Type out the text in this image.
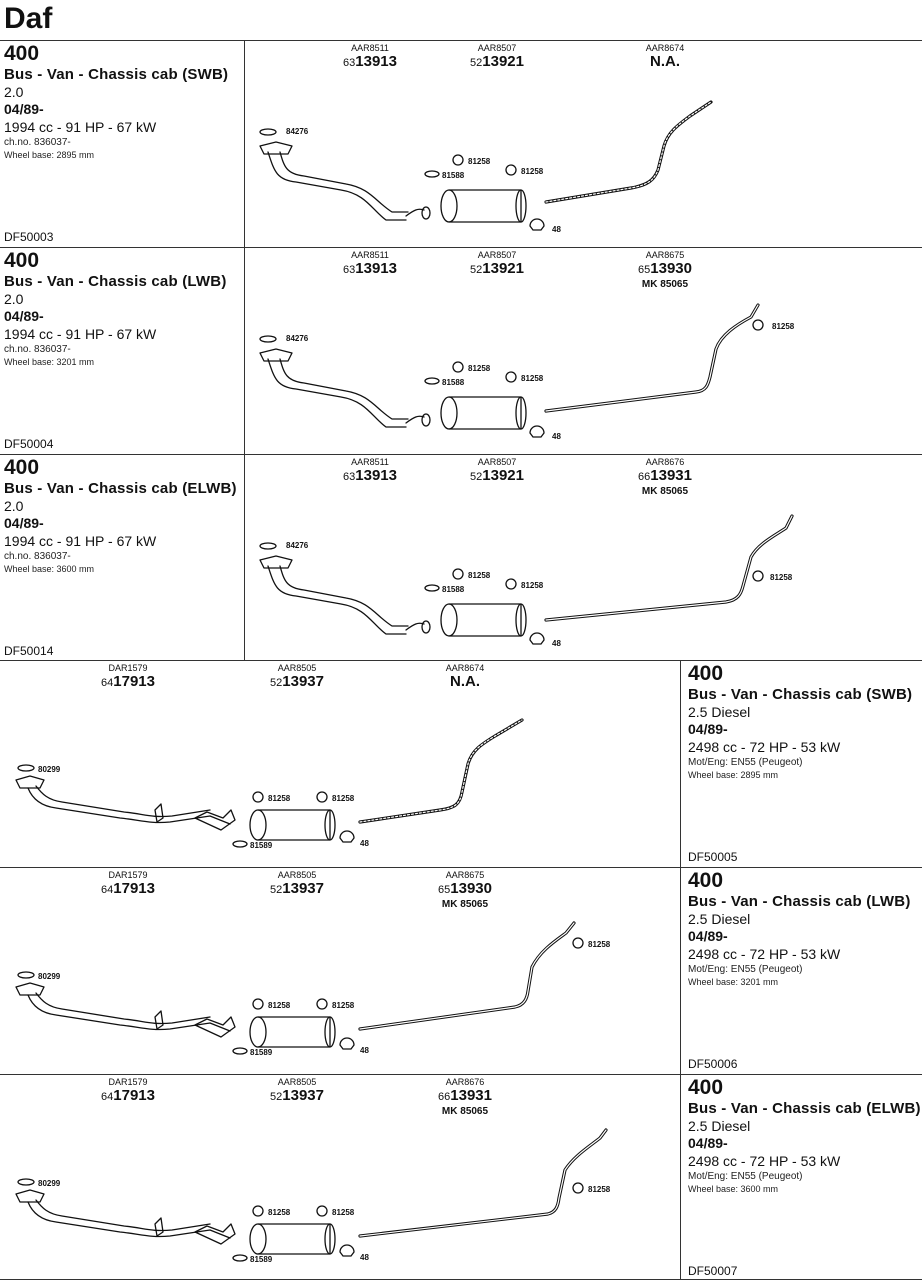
Daf
400
Bus - Van - Chassis cab (SWB)
2.0
04/89-
1994 cc - 91 HP - 67 kW
ch.no. 836037-
Wheel base: 2895 mm
DF50003
AAR8511
6313913
AAR8507
5213921
AAR8674
N.A.
84276
81258
81258
81588
48
400
Bus - Van - Chassis cab (LWB)
2.0
04/89-
1994 cc - 91 HP - 67 kW
ch.no. 836037-
Wheel base: 3201 mm
DF50004
AAR8511
6313913
AAR8507
5213921
AAR8675
6513930
MK 85065
84276
81258
81258
81588
48
81258
400
Bus - Van - Chassis cab (ELWB)
2.0
04/89-
1994 cc - 91 HP - 67 kW
ch.no. 836037-
Wheel base: 3600 mm
DF50014
AAR8511
6313913
AAR8507
5213921
AAR8676
6613931
MK 85065
84276
81258
81258
81588
48
81258
400
Bus - Van - Chassis cab (SWB)
2.5 Diesel
04/89-
2498 cc - 72 HP - 53 kW
Mot/Eng: EN55 (Peugeot)
Wheel base: 2895 mm
DF50005
DAR1579
6417913
AAR8505
5213937
AAR8674
N.A.
80299
81258	81258
81589	48
400
Bus - Van - Chassis cab (LWB)
2.5 Diesel
04/89-
2498 cc - 72 HP - 53 kW
Mot/Eng: EN55 (Peugeot)
Wheel base: 3201 mm
DF50006
DAR1579
6417913
AAR8505
5213937
AAR8675
6513930
MK 85065
80299
81258	81258
81589	48
81258
400
Bus - Van - Chassis cab (ELWB)
2.5 Diesel
04/89-
2498 cc - 72 HP - 53 kW
Mot/Eng: EN55 (Peugeot)
Wheel base: 3600 mm
DF50007
DAR1579
6417913
AAR8505
5213937
AAR8676
6613931
MK 85065
80299
81258	81258
81589	48
81258
